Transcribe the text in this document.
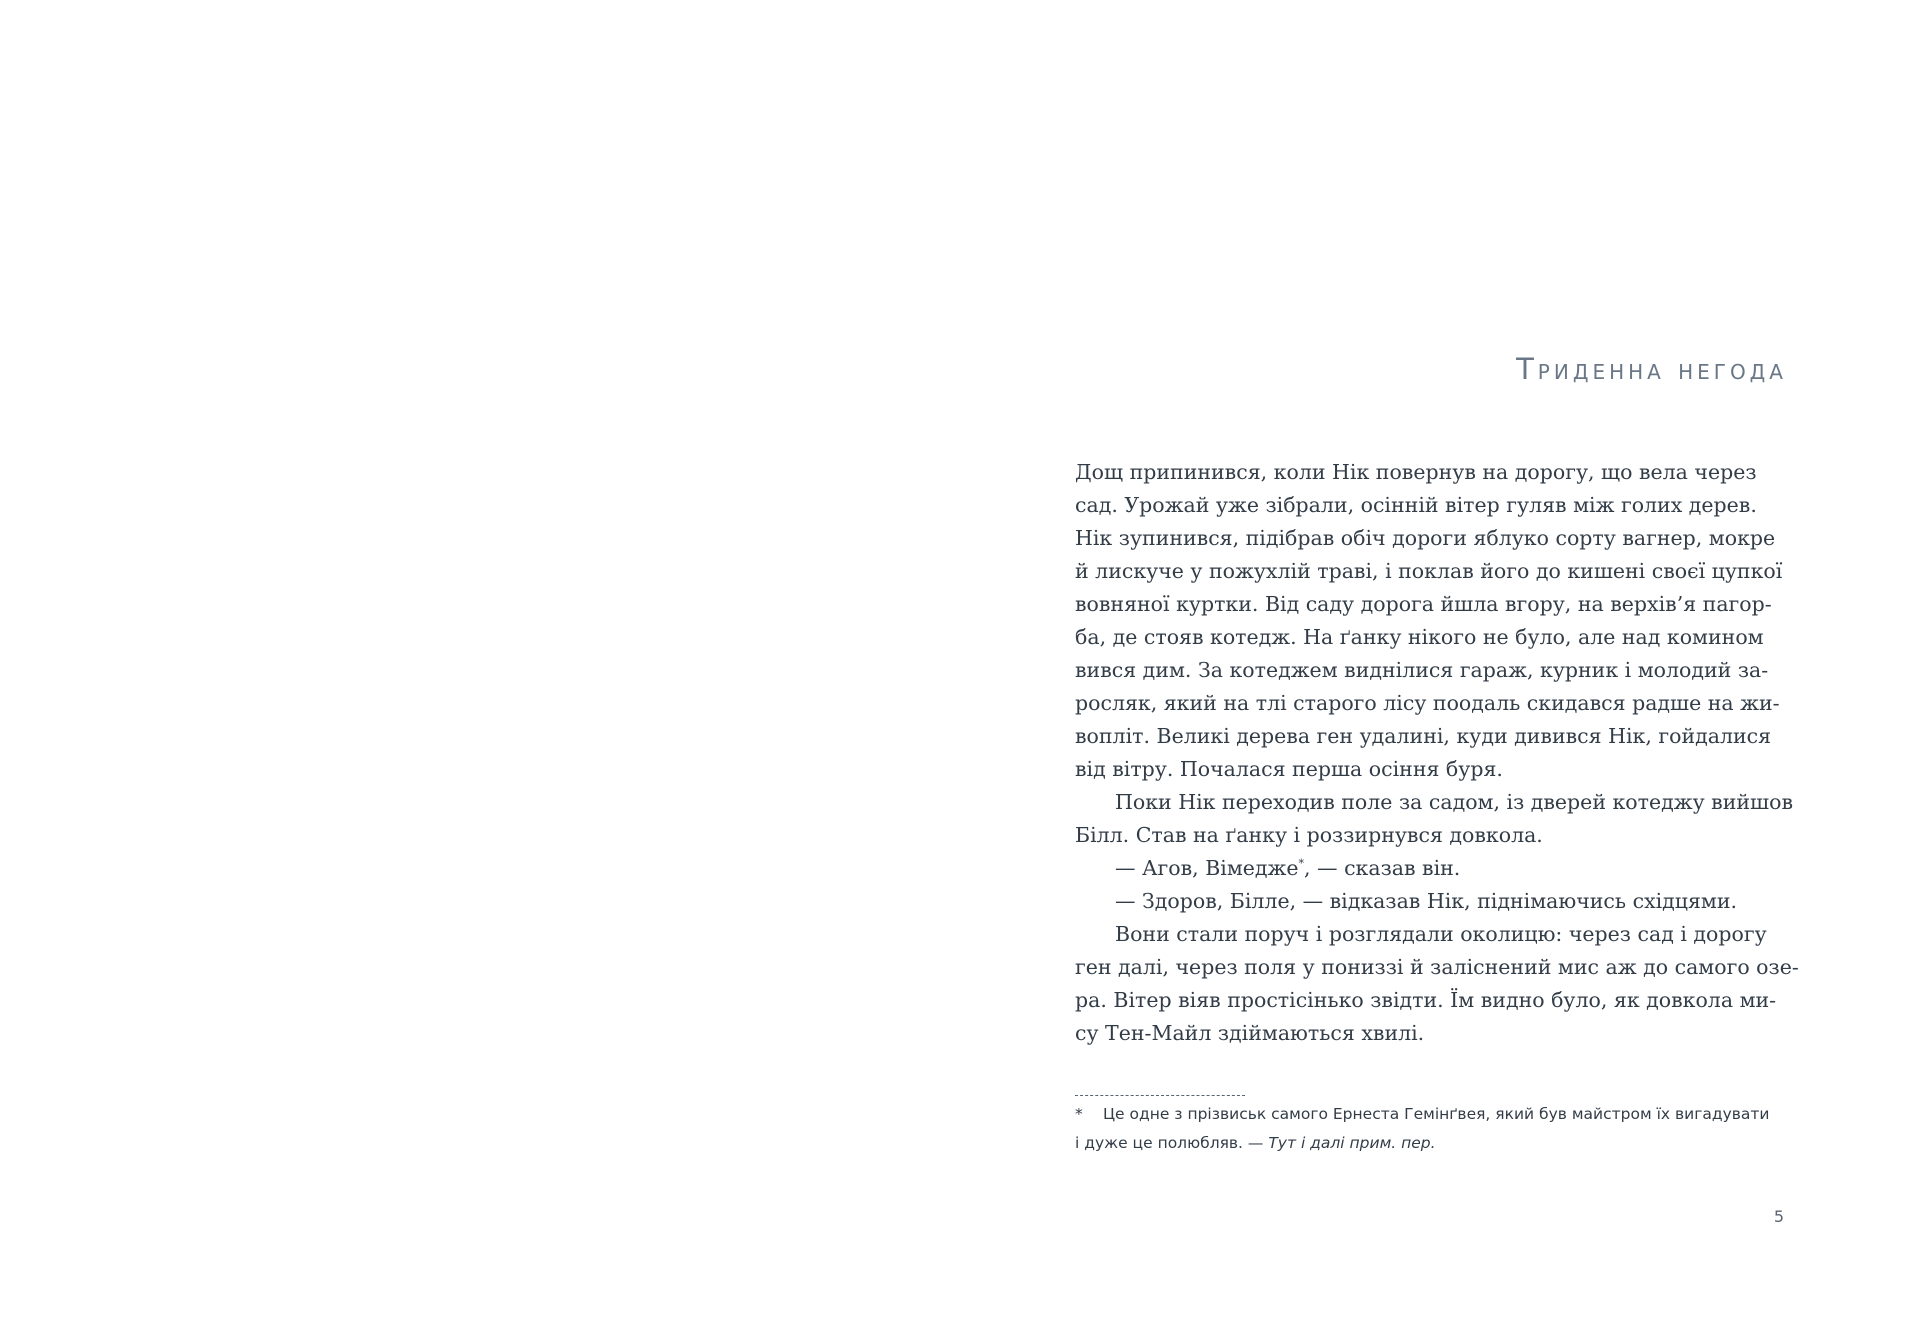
Триденна негода
Дощ припинився, коли Нік повернув на дорогу, що вела через
сад. Урожай уже зібрали, осінній вітер гуляв між голих дерев.
Нік зупинився, підібрав обіч дороги яблуко сорту вагнер, мокре
й лискуче у пожухлій траві, і поклав його до кишені своєї цупкої
вовняної куртки. Від саду дорога йшла вгору, на верхів’я пагор-
ба, де стояв котедж. На ґанку нікого не було, але над комином
вився дим. За котеджем виднілися гараж, курник і молодий за-
росляк, який на тлі старого лісу поодаль скидався радше на жи-
вопліт. Великі дерева ген удалині, куди дивився Нік, гойдалися
від вітру. Почалася перша осіння буря.
Поки Нік переходив поле за садом, із дверей котеджу вийшов
Білл. Став на ґанку і роззирнувся довкола.
— Агов, Вімедже*, — сказав він.
— Здоров, Білле, — відказав Нік, піднімаючись східцями.
Вони стали поруч і розглядали околицю: через сад і дорогу
ген далі, через поля у пониззі й заліснений мис аж до самого озе-
ра. Вітер віяв простісінько звідти. Їм видно було, як довкола ми-
су Тен-Майл здіймаються хвилі.
* Це одне з прізвиськ самого Ернеста Гемінґвея, який був майстром їх вигадувати
і дуже це полюбляв. — Тут і далі прим. пер.

5
